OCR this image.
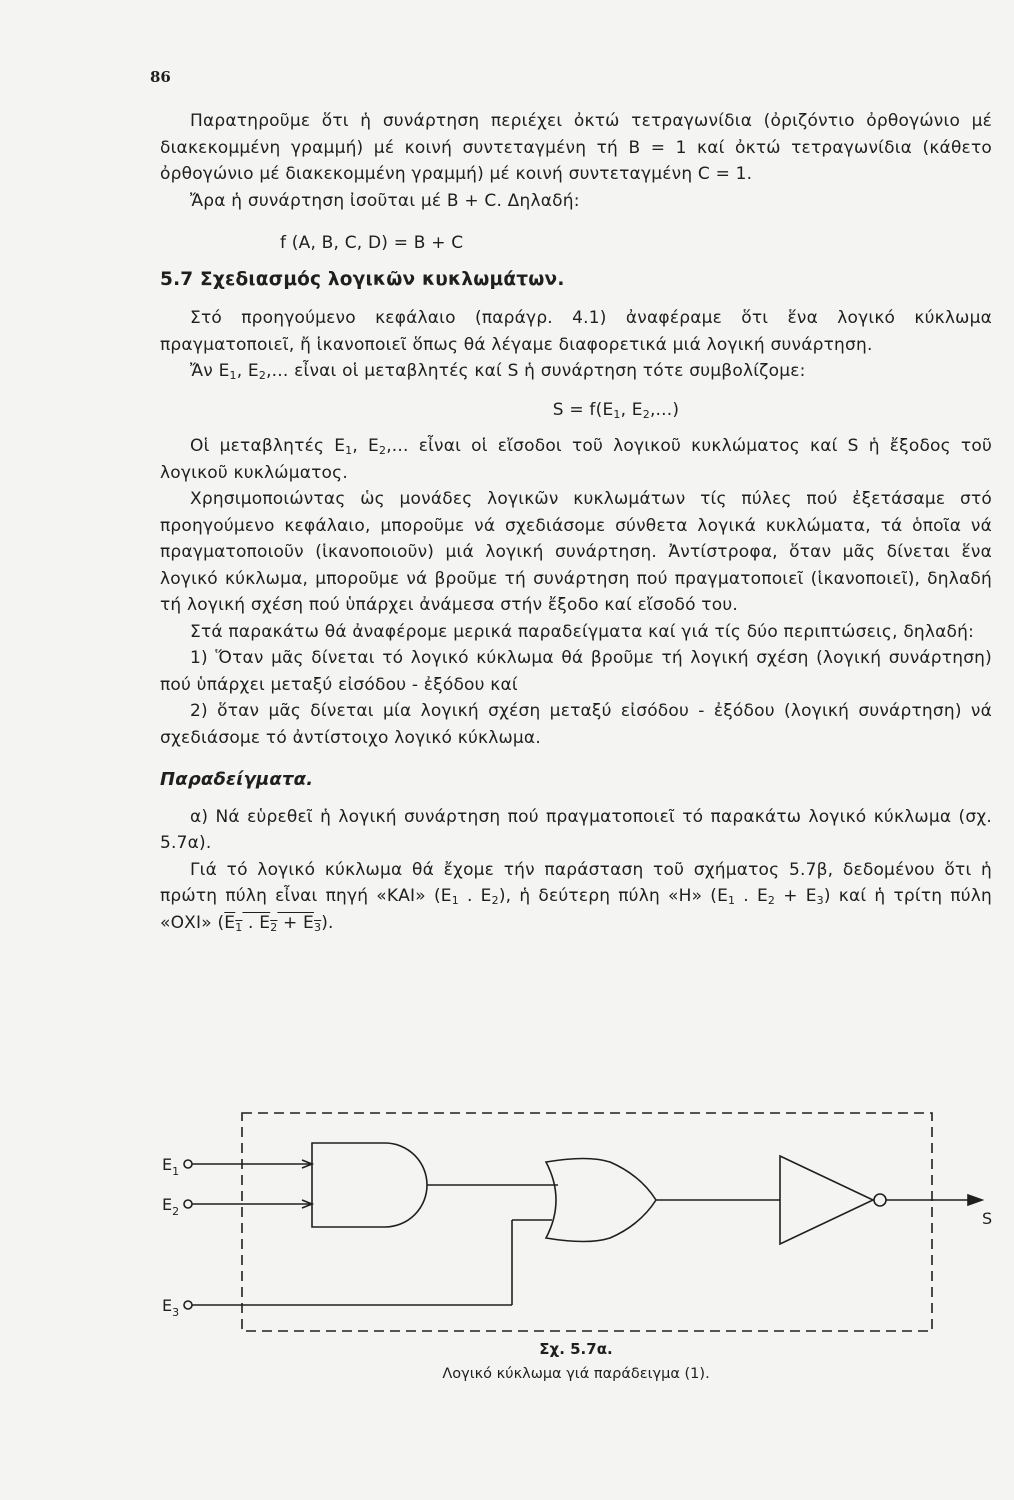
86

Παρατηροῦμε ὅτι ἡ συνάρτηση περιέχει ὀκτώ τετραγωνίδια (ὀριζόντιο ὀρθογώνιο μέ διακεκομμένη γραμμή) μέ κοινή συντεταγμένη τή B = 1 καί ὀκτώ τετραγωνίδια (κάθετο ὀρθογώνιο μέ διακεκομμένη γραμμή) μέ κοινή συντεταγμένη C = 1.

Ἄρα ἡ συνάρτηση ἰσοῦται μέ B + C. Δηλαδή:

f (A, B, C, D) = B + C

5.7 Σχεδιασμός λογικῶν κυκλωμάτων.

Στό προηγούμενο κεφάλαιο (παράγρ. 4.1) ἀναφέραμε ὅτι ἕνα λογικό κύκλωμα πραγματοποιεῖ, ἤ ἱκανοποιεῖ ὅπως θά λέγαμε διαφορετικά μιά λογική συνάρτηση.

Ἄν $E_1$, $E_2$,... εἶναι οἱ μεταβλητές καί S ἡ συνάρτηση τότε συμβολίζομε:

$S = f(E_1$, $E_2$,...)

Οἱ μεταβλητές $E_1$, $E_2$,... εἶναι οἱ εἴσοδοι τοῦ λογικοῦ κυκλώματος καί S ἡ ἔξοδος τοῦ λογικοῦ κυκλώματος.

Χρησιμοποιώντας ὡς μονάδες λογικῶν κυκλωμάτων τίς πύλες πού ἐξετάσαμε στό προηγούμενο κεφάλαιο, μποροῦμε νά σχεδιάσομε σύνθετα λογικά κυκλώματα, τά ὁποῖα νά πραγματοποιοῦν (ἱκανοποιοῦν) μιά λογική συνάρτηση. Ἀντίστροφα, ὅταν μᾶς δίνεται ἕνα λογικό κύκλωμα, μποροῦμε νά βροῦμε τή συνάρτηση πού πραγματοποιεῖ (ἱκανοποιεῖ), δηλαδή τή λογική σχέση πού ὑπάρχει ἀνάμεσα στήν ἔξοδο καί εἴσοδό του.

Στά παρακάτω θά ἀναφέρομε μερικά παραδείγματα καί γιά τίς δύο περιπτώσεις, δηλαδή:

1) Ὅταν μᾶς δίνεται τό λογικό κύκλωμα θά βροῦμε τή λογική σχέση (λογική συνάρτηση) πού ὑπάρχει μεταξύ εἰσόδου - ἐξόδου καί

2) ὅταν μᾶς δίνεται μία λογική σχέση μεταξύ εἰσόδου - ἐξόδου (λογική συνάρτηση) νά σχεδιάσομε τό ἀντίστοιχο λογικό κύκλωμα.

Παραδείγματα.

α) Νά εὑρεθεῖ ἡ λογική συνάρτηση πού πραγματοποιεῖ τό παρακάτω λογικό κύκλωμα (σχ. 5.7α).

Γιά τό λογικό κύκλωμα θά ἔχομε τήν παράσταση τοῦ σχήματος 5.7β, δεδομένου ὅτι ἡ πρώτη πύλη εἶναι πηγή «ΚΑΙ» ($E_1$ . $E_2$), ἡ δεύτερη πύλη «Η» ($E_1$ . $E_2 + E_3$) καί ἡ τρίτη πύλη «ΟΧΙ» ($E_1$ . $E_2 + E_3$).

$E_1$
$E_2$
$E_3$
S
Σχ. 5.7α.
Λογικό κύκλωμα γιά παράδειγμα (1).
